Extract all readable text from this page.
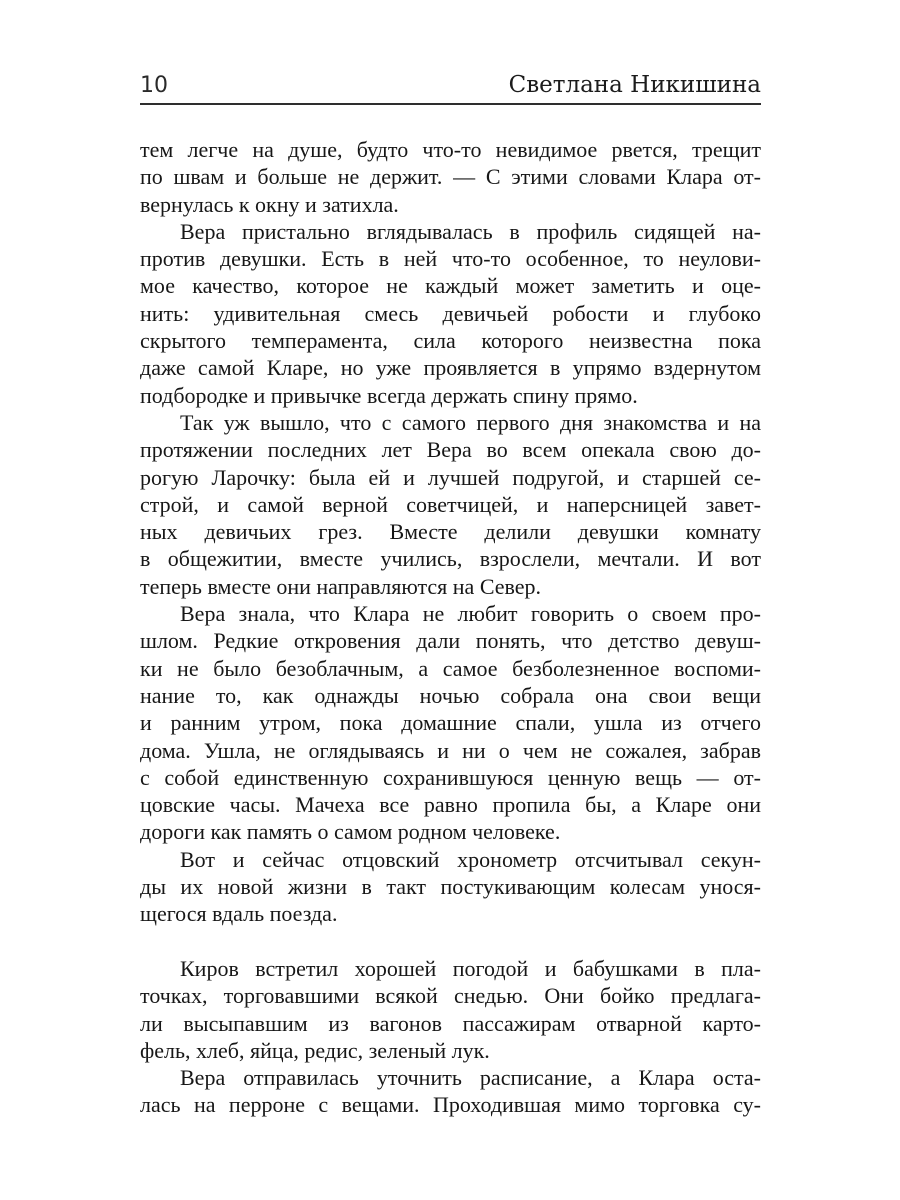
10	Светлана Никишина
тем легче на душе, будто что-то невидимое рвется, трещит
по швам и больше не держит. — С этими словами Клара от-
вернулась к окну и затихла.
Вера пристально вглядывалась в профиль сидящей на-
против девушки. Есть в ней что-то особенное, то неулови-
мое качество, которое не каждый может заметить и оце-
нить: удивительная смесь девичьей робости и глубоко
скрытого темперамента, сила которого неизвестна пока
даже самой Кларе, но уже проявляется в упрямо вздернутом
подбородке и привычке всегда держать спину прямо.
Так уж вышло, что с самого первого дня знакомства и на
протяжении последних лет Вера во всем опекала свою до-
рогую Ларочку: была ей и лучшей подругой, и старшей се-
строй, и самой верной советчицей, и наперсницей завет-
ных девичьих грез. Вместе делили девушки комнату
в общежитии, вместе учились, взрослели, мечтали. И вот
теперь вместе они направляются на Север.
Вера знала, что Клара не любит говорить о своем про-
шлом. Редкие откровения дали понять, что детство девуш-
ки не было безоблачным, а самое безболезненное воспоми-
нание то, как однажды ночью собрала она свои вещи
и ранним утром, пока домашние спали, ушла из отчего
дома. Ушла, не оглядываясь и ни о чем не сожалея, забрав
с собой единственную сохранившуюся ценную вещь — от-
цовские часы. Мачеха все равно пропила бы, а Кларе они
дороги как память о самом родном человеке.
Вот и сейчас отцовский хронометр отсчитывал секун-
ды их новой жизни в такт постукивающим колесам унося-
щегося вдаль поезда.
Киров встретил хорошей погодой и бабушками в пла-
точках, торговавшими всякой снедью. Они бойко предлага-
ли высыпавшим из вагонов пассажирам отварной карто-
фель, хлеб, яйца, редис, зеленый лук.
Вера отправилась уточнить расписание, а Клара оста-
лась на перроне с вещами. Проходившая мимо торговка су-
